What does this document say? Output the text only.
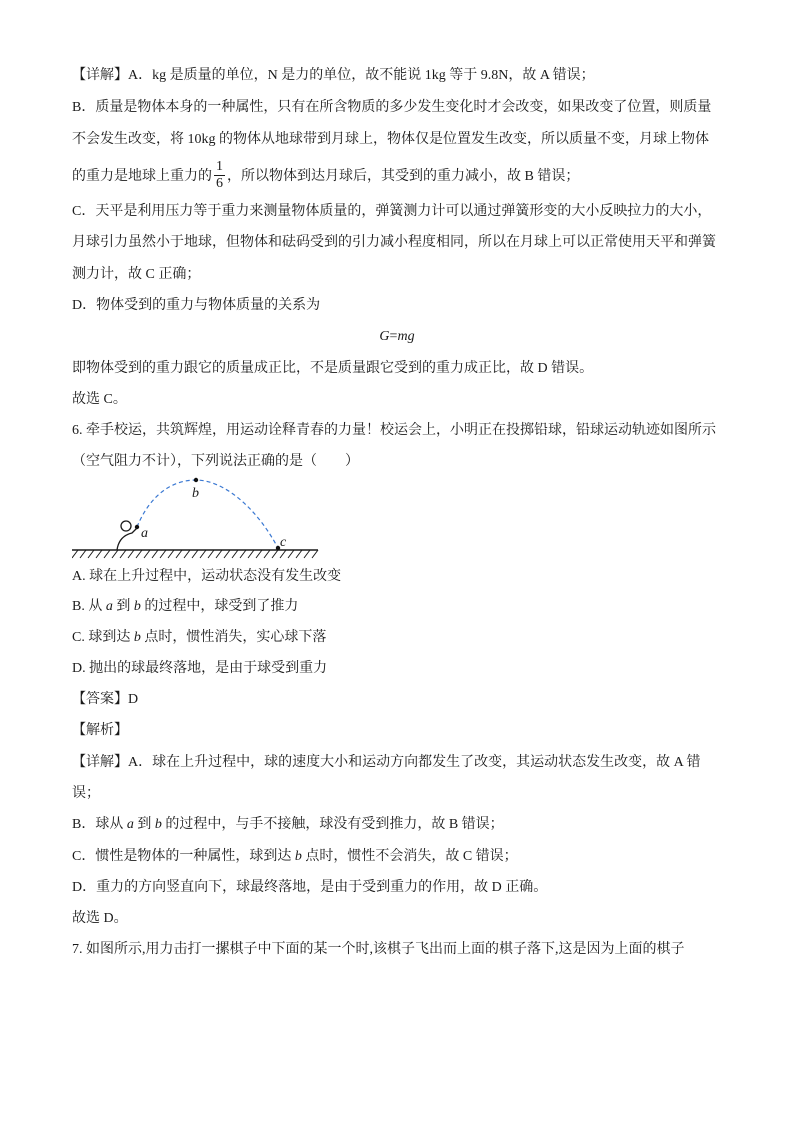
【详解】A．kg 是质量的单位，N 是力的单位，故不能说 1kg 等于 9.8N，故 A 错误；
B．质量是物体本身的一种属性，只有在所含物质的多少发生变化时才会改变，如果改变了位置，则质量
不会发生改变，将 10kg 的物体从地球带到月球上，物体仅是位置发生改变，所以质量不变，月球上物体
的重力是地球上重力的 $\frac{1}{6}$ ，所以物体到达月球后，其受到的重力减小，故 B 错误；
C．天平是利用压力等于重力来测量物体质量的，弹簧测力计可以通过弹簧形变的大小反映拉力的大小，
月球引力虽然小于地球，但物体和砝码受到的引力减小程度相同，所以在月球上可以正常使用天平和弹簧
测力计，故 C 正确；
D．物体受到的重力与物体质量的关系为
G=mg
即物体受到的重力跟它的质量成正比，不是质量跟它受到的重力成正比，故 D 错误。
故选 C。
6. 牵手校运，共筑辉煌，用运动诠释青春的力量！校运会上，小明正在投掷铅球，铅球运动轨迹如图所示
（空气阻力不计），下列说法正确的是（　　）
a
b
c
A. 球在上升过程中，运动状态没有发生改变
B. 从 a 到 b 的过程中，球受到了推力
C. 球到达 b 点时，惯性消失，实心球下落
D. 抛出的球最终落地，是由于球受到重力
【答案】D
【解析】
【详解】A．球在上升过程中，球的速度大小和运动方向都发生了改变，其运动状态发生改变，故 A 错
误；
B．球从 a 到 b 的过程中，与手不接触，球没有受到推力，故 B 错误；
C．惯性是物体的一种属性，球到达 b 点时，惯性不会消失，故 C 错误；
D．重力的方向竖直向下，球最终落地，是由于受到重力的作用，故 D 正确。
故选 D。
7. 如图所示,用力击打一摞棋子中下面的某一个时,该棋子飞出而上面的棋子落下,这是因为上面的棋子
